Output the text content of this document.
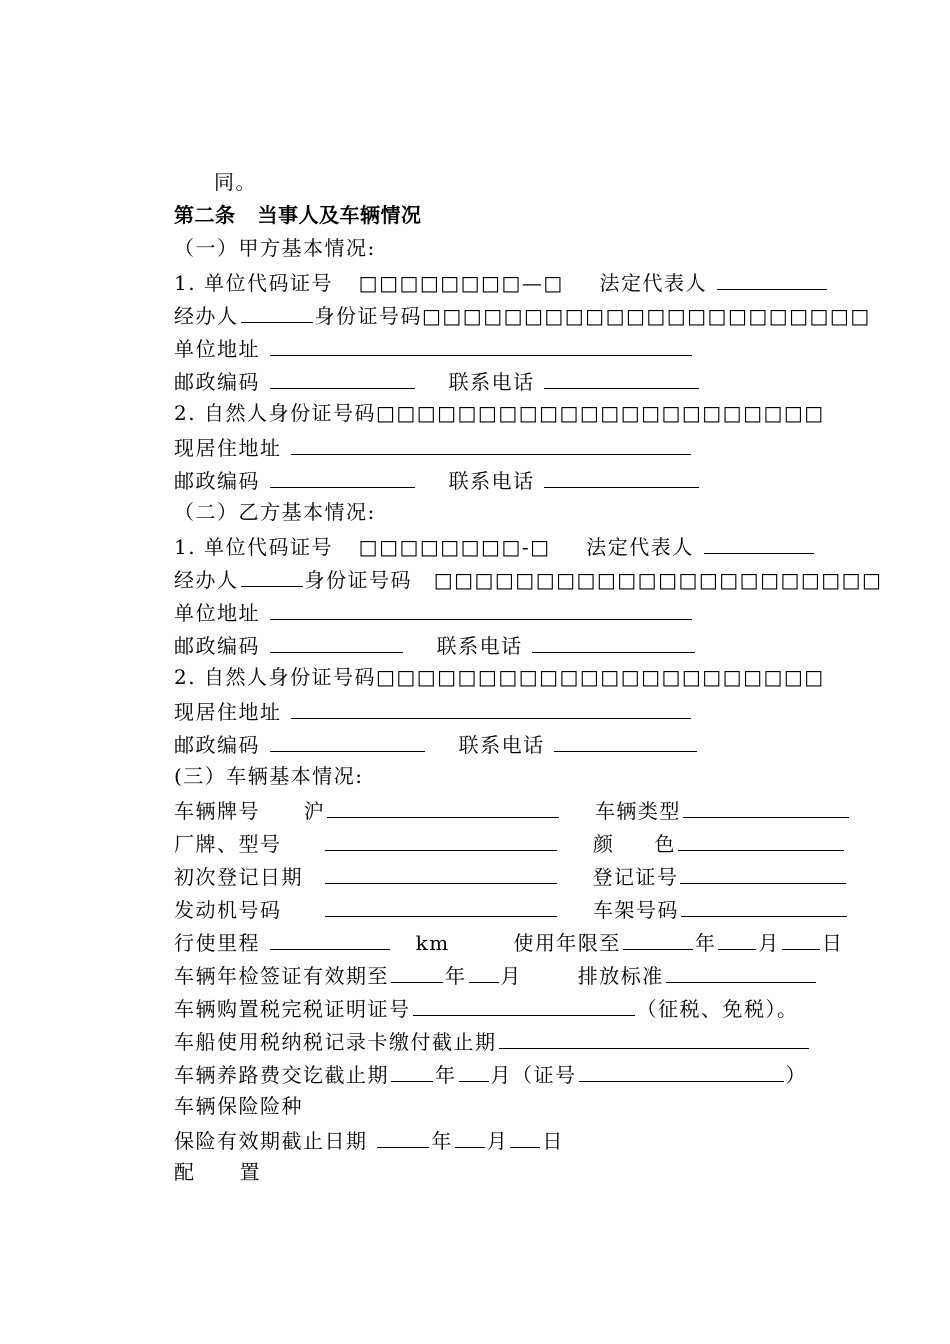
同。
第二条 当事人及车辆情况
（一）甲方基本情况:
1. 单位代码证号 □□□□□□□□—□ 法定代表人
经办人	身份证号码□□□□□□□□□□□□□□□□□□□□□□
单位地址
邮政编码	联系电话
2. 自然人身份证号码□□□□□□□□□□□□□□□□□□□□□□
现居住地址
邮政编码	联系电话
（二）乙方基本情况:
1. 单位代码证号 □□□□□□□□-□ 法定代表人
经办人	身份证号码 □□□□□□□□□□□□□□□□□□□□□□
单位地址
邮政编码	联系电话
2. 自然人身份证号码□□□□□□□□□□□□□□□□□□□□□□
现居住地址
邮政编码	联系电话
(三）车辆基本情况:
车辆牌号 沪	车辆类型
厂牌、型号	颜 色
初次登记日期	登记证号
发动机号码	车架号码
行使里程	km	使用年限至	年 月 日
车辆年检签证有效期至	年 月	排放标准
车辆购置税完税证明证号	（征税、免税）。
车船使用税纳税记录卡缴付截止期
车辆养路费交讫截止期 年 月（证号	）
车辆保险险种
保险有效期截止日期	年 月 日
配 置
